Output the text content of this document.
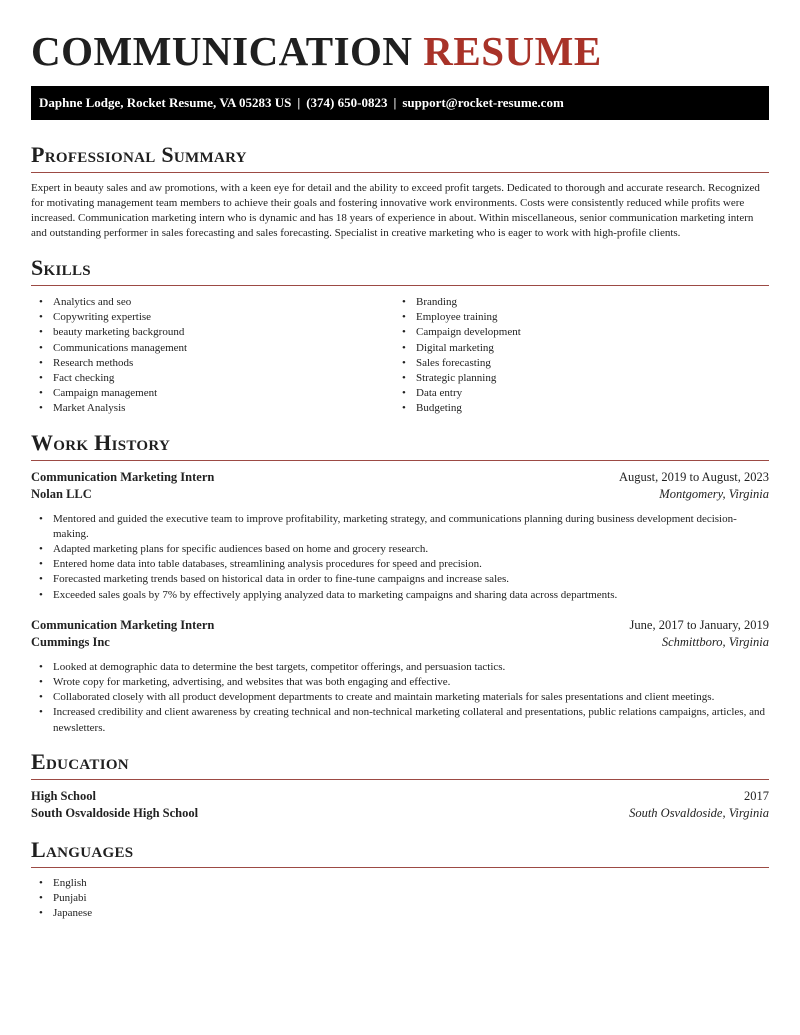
COMMUNICATION RESUME
Daphne Lodge, Rocket Resume, VA 05283 US | (374) 650-0823 | support@rocket-resume.com
Professional Summary

Expert in beauty sales and aw promotions, with a keen eye for detail and the ability to exceed profit targets. Dedicated to thorough and accurate research. Recognized for motivating management team members to achieve their goals and fostering innovative work environments. Costs were consistently reduced while profits were increased. Communication marketing intern who is dynamic and has 18 years of experience in about. Within miscellaneous, senior communication marketing intern and outstanding performer in sales forecasting and sales forecasting. Specialist in creative marketing who is eager to work with high-profile clients.

Skills
• Analytics and seo
• Copywriting expertise
• beauty marketing background
• Communications management
• Research methods
• Fact checking
• Campaign management
• Market Analysis
• Branding
• Employee training
• Campaign development
• Digital marketing
• Sales forecasting
• Strategic planning
• Data entry
• Budgeting
Work History
Communication Marketing Intern	August, 2019 to August, 2023
Nolan LLC	Montgomery, Virginia
• Mentored and guided the executive team to improve profitability, marketing strategy, and communications planning during business development decision-making.
• Adapted marketing plans for specific audiences based on home and grocery research.
• Entered home data into table databases, streamlining analysis procedures for speed and precision.
• Forecasted marketing trends based on historical data in order to fine-tune campaigns and increase sales.
• Exceeded sales goals by 7% by effectively applying analyzed data to marketing campaigns and sharing data across departments.
Communication Marketing Intern	June, 2017 to January, 2019
Cummings Inc	Schmittboro, Virginia
• Looked at demographic data to determine the best targets, competitor offerings, and persuasion tactics.
• Wrote copy for marketing, advertising, and websites that was both engaging and effective.
• Collaborated closely with all product development departments to create and maintain marketing materials for sales presentations and client meetings.
• Increased credibility and client awareness by creating technical and non-technical marketing collateral and presentations, public relations campaigns, articles, and newsletters.
Education
High School	2017
South Osvaldoside High School	South Osvaldoside, Virginia
Languages
• English
• Punjabi
• Japanese
